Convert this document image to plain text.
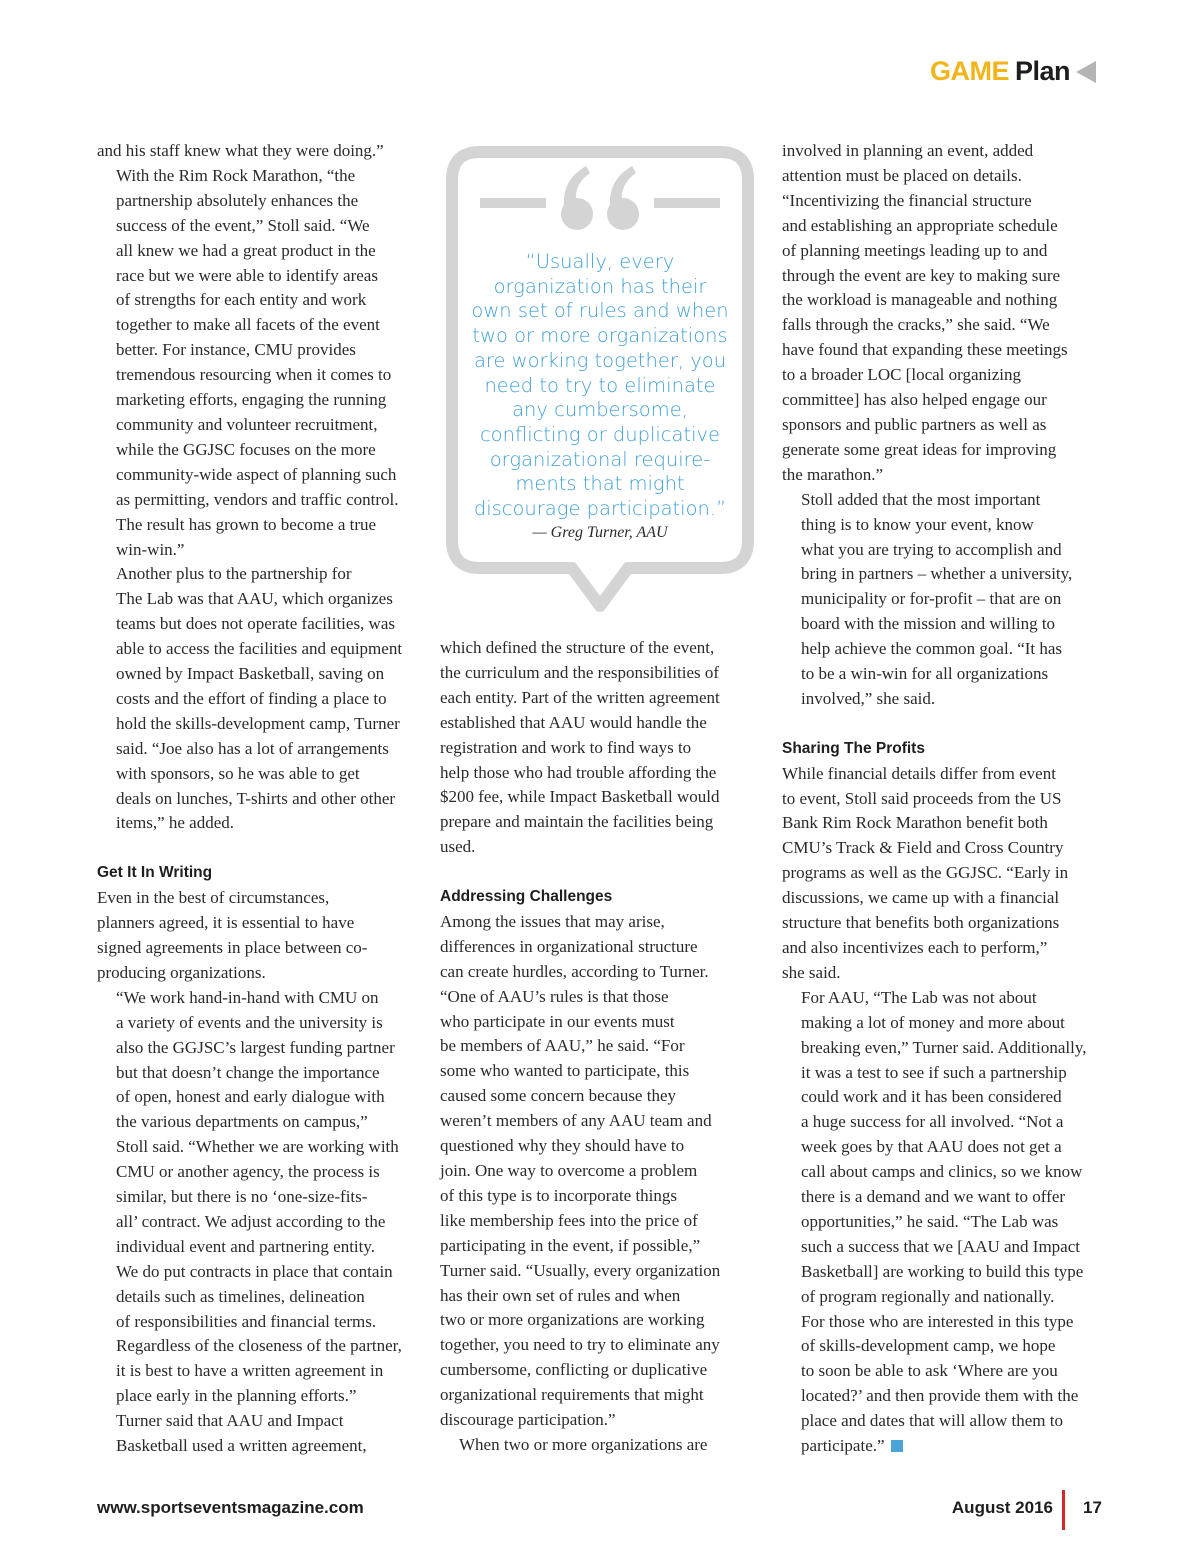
GAME Plan

and his staff knew what they were doing.”

With the Rim Rock Marathon, “the
partnership absolutely enhances the
success of the event,” Stoll said. “We
all knew we had a great product in the
race but we were able to identify areas
of strengths for each entity and work
together to make all facets of the event
better. For instance, CMU provides
tremendous resourcing when it comes to
marketing efforts, engaging the running
community and volunteer recruitment,
while the GGJSC focuses on the more
community-wide aspect of planning such
as permitting, vendors and traffic control.
The result has grown to become a true
win-win.”

Another plus to the partnership for
The Lab was that AAU, which organizes
teams but does not operate facilities, was
able to access the facilities and equipment
owned by Impact Basketball, saving on
costs and the effort of finding a place to
hold the skills-development camp, Turner
said. “Joe also has a lot of arrangements
with sponsors, so he was able to get
deals on lunches, T-shirts and other other
items,” he added.

Get It In Writing

Even in the best of circumstances,
planners agreed, it is essential to have
signed agreements in place between co-
producing organizations.

“We work hand-in-hand with CMU on
a variety of events and the university is
also the GGJSC’s largest funding partner
but that doesn’t change the importance
of open, honest and early dialogue with
the various departments on campus,”
Stoll said. “Whether we are working with
CMU or another agency, the process is
similar, but there is no ‘one-size-fits-
all’ contract. We adjust according to the
individual event and partnering entity.
We do put contracts in place that contain
details such as timelines, delineation
of responsibilities and financial terms.
Regardless of the closeness of the partner,
it is best to have a written agreement in
place early in the planning efforts.”

Turner said that AAU and Impact
Basketball used a written agreement,

“Usually, every
organization has their
own set of rules and when
two or more organizations
are working together, you
need to try to eliminate
any cumbersome,
conflicting or duplicative
organizational require-
ments that might
discourage participation.”
— Greg Turner, AAU

which defined the structure of the event,
the curriculum and the responsibilities of
each entity. Part of the written agreement
established that AAU would handle the
registration and work to find ways to
help those who had trouble affording the
$200 fee, while Impact Basketball would
prepare and maintain the facilities being
used.

Addressing Challenges

Among the issues that may arise,
differences in organizational structure
can create hurdles, according to Turner.
“One of AAU’s rules is that those
who participate in our events must
be members of AAU,” he said. “For
some who wanted to participate, this
caused some concern because they
weren’t members of any AAU team and
questioned why they should have to
join. One way to overcome a problem
of this type is to incorporate things
like membership fees into the price of
participating in the event, if possible,”
Turner said. “Usually, every organization
has their own set of rules and when
two or more organizations are working
together, you need to try to eliminate any
cumbersome, conflicting or duplicative
organizational requirements that might
discourage participation.”

When two or more organizations are

involved in planning an event, added
attention must be placed on details.
“Incentivizing the financial structure
and establishing an appropriate schedule
of planning meetings leading up to and
through the event are key to making sure
the workload is manageable and nothing
falls through the cracks,” she said. “We
have found that expanding these meetings
to a broader LOC [local organizing
committee] has also helped engage our
sponsors and public partners as well as
generate some great ideas for improving
the marathon.”

Stoll added that the most important
thing is to know your event, know
what you are trying to accomplish and
bring in partners – whether a university,
municipality or for-profit – that are on
board with the mission and willing to
help achieve the common goal. “It has
to be a win-win for all organizations
involved,” she said.

Sharing The Profits

While financial details differ from event
to event, Stoll said proceeds from the US
Bank Rim Rock Marathon benefit both
CMU’s Track & Field and Cross Country
programs as well as the GGJSC. “Early in
discussions, we came up with a financial
structure that benefits both organizations
and also incentivizes each to perform,”
she said.

For AAU, “The Lab was not about
making a lot of money and more about
breaking even,” Turner said. Additionally,
it was a test to see if such a partnership
could work and it has been considered
a huge success for all involved. “Not a
week goes by that AAU does not get a
call about camps and clinics, so we know
there is a demand and we want to offer
opportunities,” he said. “The Lab was
such a success that we [AAU and Impact
Basketball] are working to build this type
of program regionally and nationally.
For those who are interested in this type
of skills-development camp, we hope
to soon be able to ask ‘Where are you
located?’ and then provide them with the
place and dates that will allow them to
participate.”

www.sportseventsmagazine.com	August 2016 17
